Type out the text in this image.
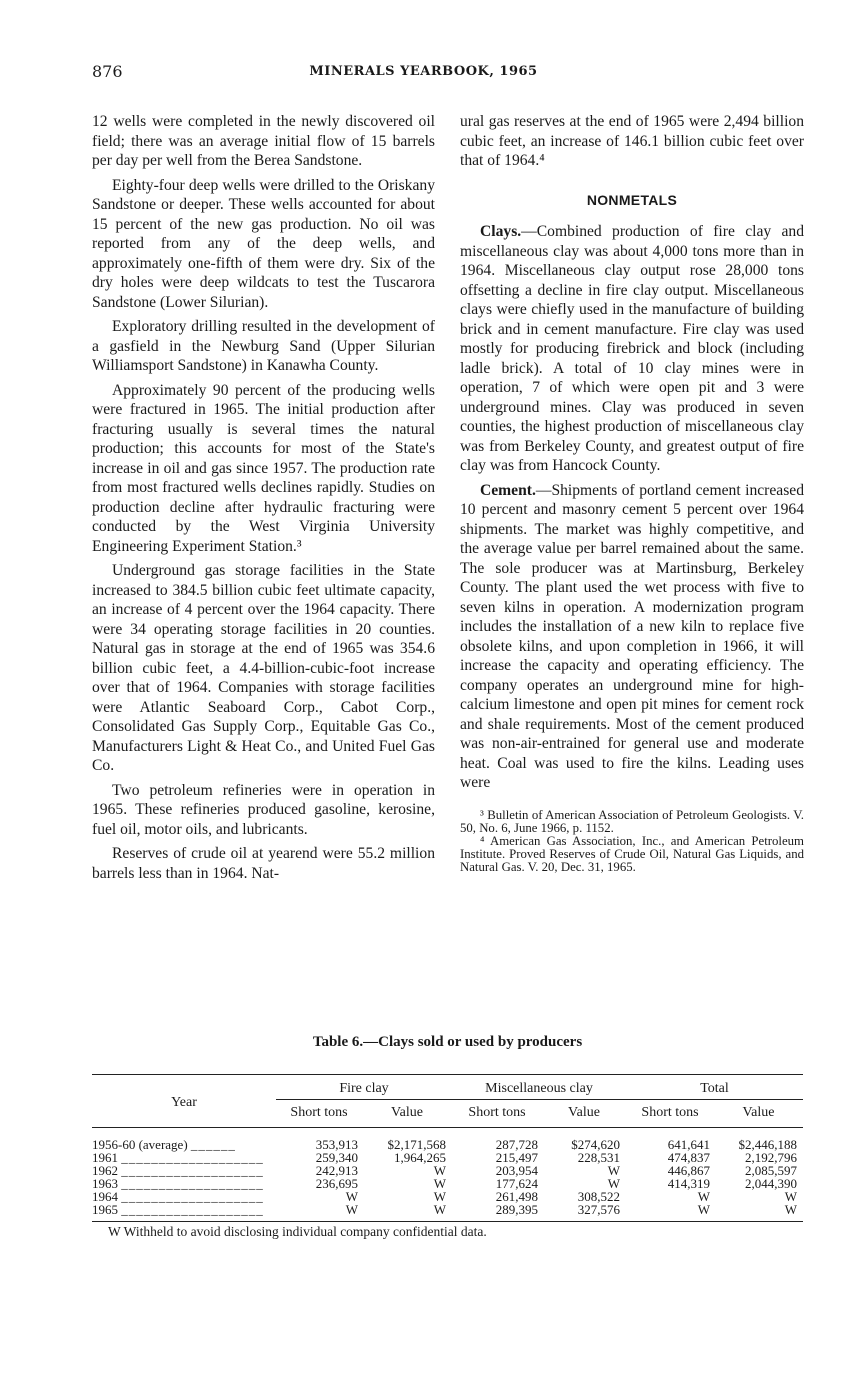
876	MINERALS YEARBOOK, 1965

12 wells were completed in the newly discovered oil field; there was an average initial flow of 15 barrels per day per well from the Berea Sandstone.

Eighty-four deep wells were drilled to the Oriskany Sandstone or deeper. These wells accounted for about 15 percent of the new gas production. No oil was reported from any of the deep wells, and approximately one-fifth of them were dry. Six of the dry holes were deep wildcats to test the Tuscarora Sandstone (Lower Silurian).

Exploratory drilling resulted in the development of a gasfield in the Newburg Sand (Upper Silurian Williamsport Sandstone) in Kanawha County.

Approximately 90 percent of the producing wells were fractured in 1965. The initial production after fracturing usually is several times the natural production; this accounts for most of the State's increase in oil and gas since 1957. The production rate from most fractured wells declines rapidly. Studies on production decline after hydraulic fracturing were conducted by the West Virginia University Engineering Experiment Station.³

Underground gas storage facilities in the State increased to 384.5 billion cubic feet ultimate capacity, an increase of 4 percent over the 1964 capacity. There were 34 operating storage facilities in 20 counties. Natural gas in storage at the end of 1965 was 354.6 billion cubic feet, a 4.4-billion-cubic-foot increase over that of 1964. Companies with storage facilities were Atlantic Seaboard Corp., Cabot Corp., Consolidated Gas Supply Corp., Equitable Gas Co., Manufacturers Light & Heat Co., and United Fuel Gas Co.

Two petroleum refineries were in operation in 1965. These refineries produced gasoline, kerosine, fuel oil, motor oils, and lubricants.

Reserves of crude oil at yearend were 55.2 million barrels less than in 1964. Nat-

ural gas reserves at the end of 1965 were 2,494 billion cubic feet, an increase of 146.1 billion cubic feet over that of 1964.⁴

NONMETALS

Clays.—Combined production of fire clay and miscellaneous clay was about 4,000 tons more than in 1964. Miscellaneous clay output rose 28,000 tons offsetting a decline in fire clay output. Miscellaneous clays were chiefly used in the manufacture of building brick and in cement manufacture. Fire clay was used mostly for producing firebrick and block (including ladle brick). A total of 10 clay mines were in operation, 7 of which were open pit and 3 were underground mines. Clay was produced in seven counties, the highest production of miscellaneous clay was from Berkeley County, and greatest output of fire clay was from Hancock County.

Cement.—Shipments of portland cement increased 10 percent and masonry cement 5 percent over 1964 shipments. The market was highly competitive, and the average value per barrel remained about the same. The sole producer was at Martinsburg, Berkeley County. The plant used the wet process with five to seven kilns in operation. A modernization program includes the installation of a new kiln to replace five obsolete kilns, and upon completion in 1966, it will increase the capacity and operating efficiency. The company operates an underground mine for high-calcium limestone and open pit mines for cement rock and shale requirements. Most of the cement produced was non-air-entrained for general use and moderate heat. Coal was used to fire the kilns. Leading uses were

³ Bulletin of American Association of Petroleum Geologists. V. 50, No. 6, June 1966, p. 1152.

⁴ American Gas Association, Inc., and American Petroleum Institute. Proved Reserves of Crude Oil, Natural Gas Liquids, and Natural Gas. V. 20, Dec. 31, 1965.

Table 6.—Clays sold or used by producers
Year	Fire clay		Miscellaneous clay		Total	
	Short tons	Value	Short tons	Value	Short tons	Value
1956-60 (average) ______	353,913	$2,171,568	287,728	$274,620	641,641	$2,446,188
1961 ___________________	259,340	1,964,265	215,497	228,531	474,837	2,192,796
1962 ___________________	242,913	W	203,954	W	446,867	2,085,597
1963 ___________________	236,695	W	177,624	W	414,319	2,044,390
1964 ___________________	W	W	261,498	308,522	W	W
1965 ___________________	W	W	289,395	327,576	W	W
W Withheld to avoid disclosing individual company confidential data.
